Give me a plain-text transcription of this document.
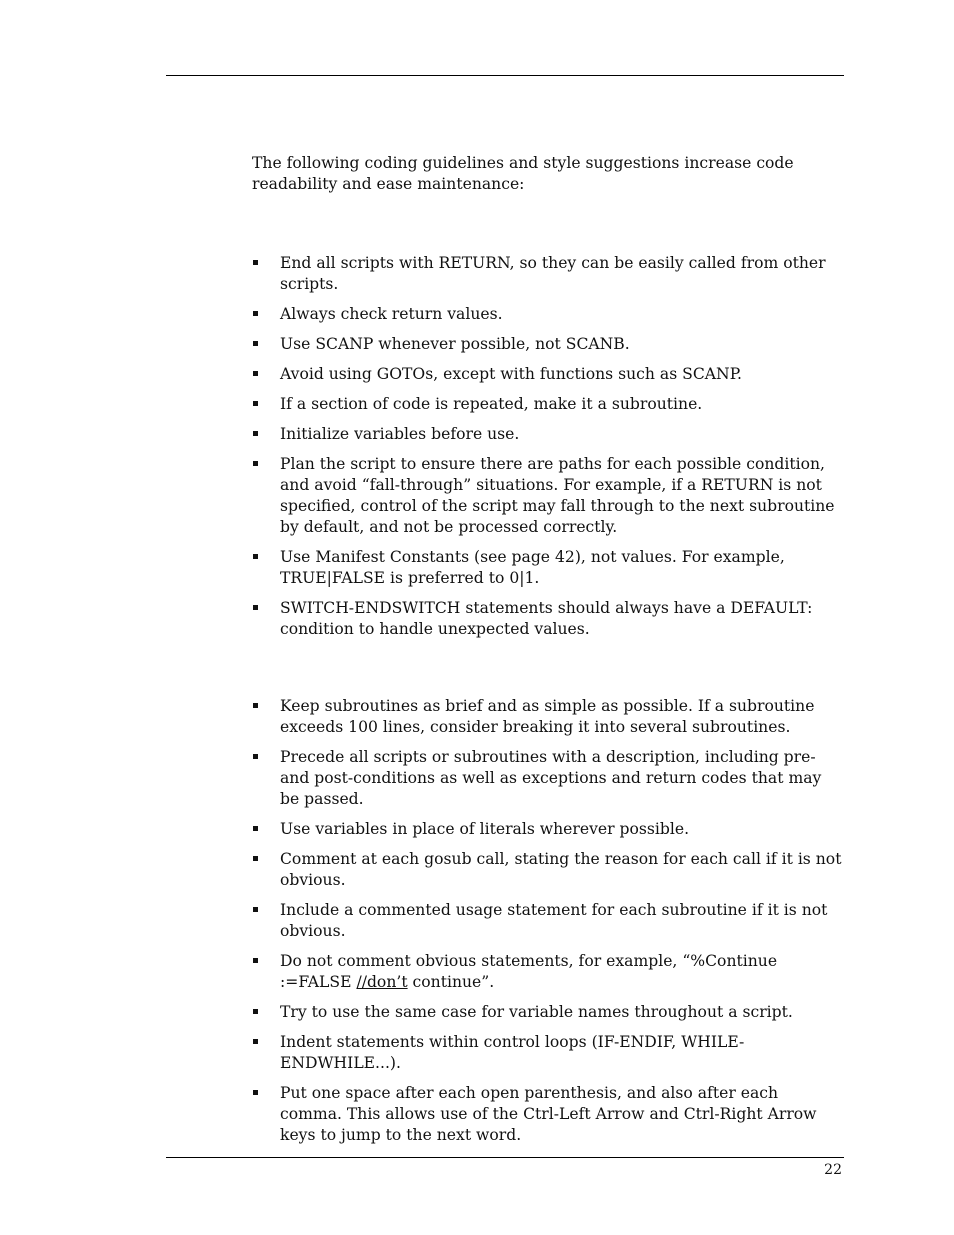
The following coding guidelines and style suggestions increase code readability and ease maintenance:

End all scripts with RETURN, so they can be easily called from other scripts.
Always check return values.
Use SCANP whenever possible, not SCANB.
Avoid using GOTOs, except with functions such as SCANP.
If a section of code is repeated, make it a subroutine.
Initialize variables before use.
Plan the script to ensure there are paths for each possible condition, and avoid “fall-through” situations. For example, if a RETURN is not specified, control of the script may fall through to the next subroutine by default, and not be processed correctly.
Use Manifest Constants (see page 42), not values. For example, TRUE|FALSE is preferred to 0|1.
SWITCH-ENDSWITCH statements should always have a DEFAULT: condition to handle unexpected values.
Keep subroutines as brief and as simple as possible. If a subroutine exceeds 100 lines, consider breaking it into several subroutines.
Precede all scripts or subroutines with a description, including pre- and post-conditions as well as exceptions and return codes that may be passed.
Use variables in place of literals wherever possible.
Comment at each gosub call, stating the reason for each call if it is not obvious.
Include a commented usage statement for each subroutine if it is not obvious.
Do not comment obvious statements, for example, “%Continue :=FALSE //don’t continue”.
Try to use the same case for variable names throughout a script.
Indent statements within control loops (IF-ENDIF, WHILE-ENDWHILE...).
Put one space after each open parenthesis, and also after each comma. This allows use of the Ctrl-Left Arrow and Ctrl-Right Arrow keys to jump to the next word.
22
